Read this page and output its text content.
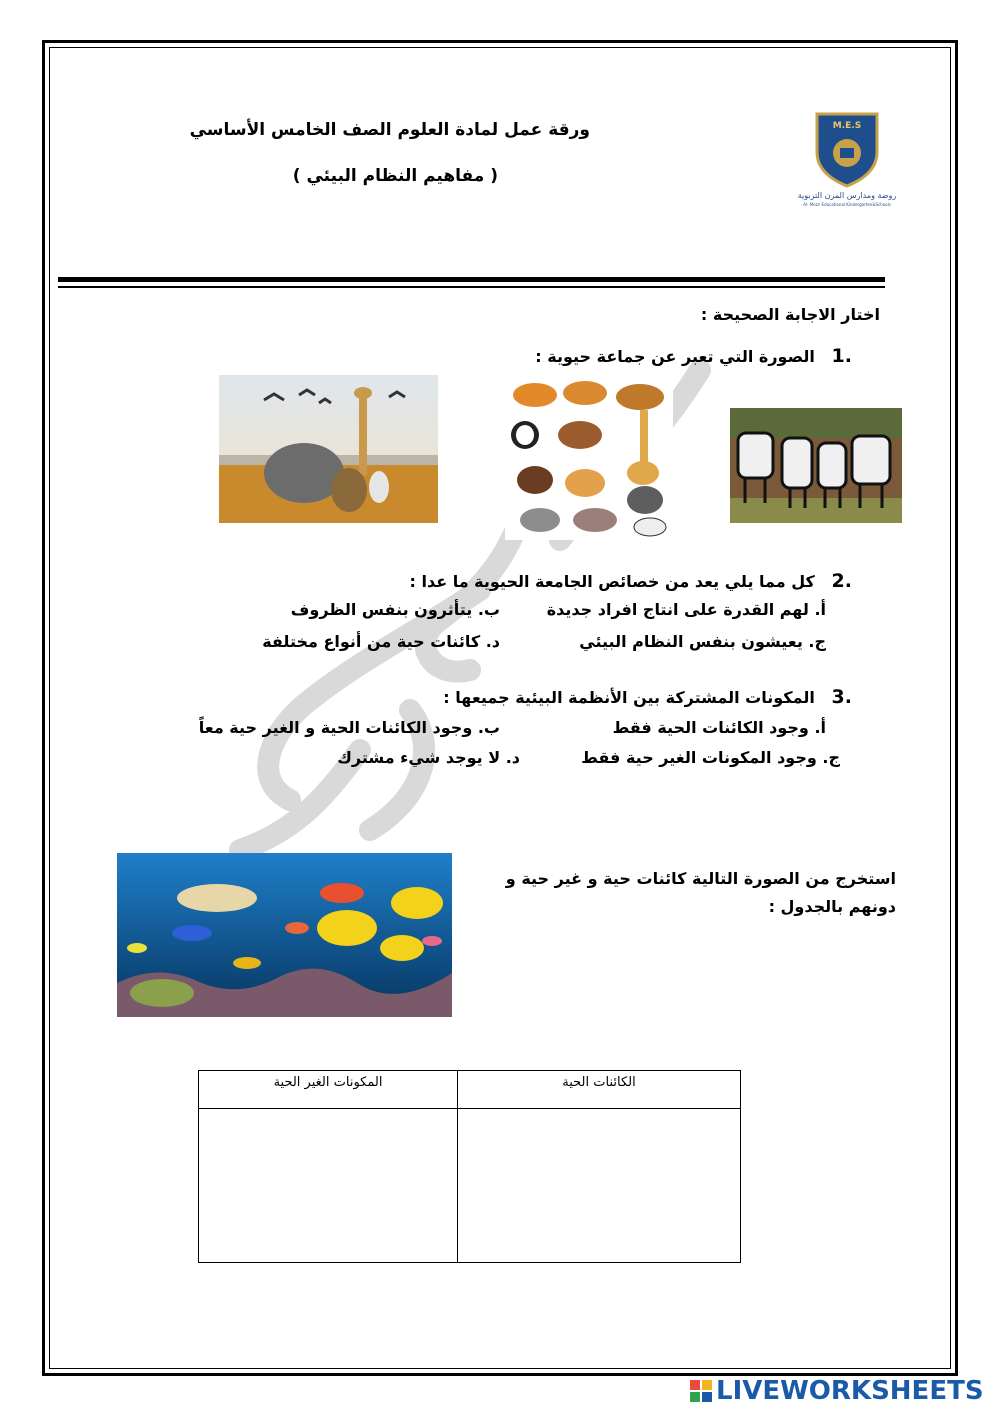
M.E.S
روضة ومدارس المزن التربوية
Al- Mozn Educational Kindergarten&Schools
ورقة عمل لمادة العلوم الصف الخامس الأساسي
( مفاهيم النظام البيئي )
اختار الاجابة الصحيحة :
.1   الصورة التي تعبر عن جماعة حيوية :
.2   كل مما يلي يعد من خصائص الجامعة الحيوية ما عدا :
أ. لهم القدرة على انتاج افراد جديدة
ب. يتأثرون بنفس الظروف
ج. يعيشون بنفس النظام البيئي
د. كائنات حية من أنواع مختلفة
.3   المكونات المشتركة بين الأنظمة البيئية جميعها :
أ. وجود الكائنات الحية فقط
ب. وجود الكائنات الحية و الغير حية معاً
ج. وجود المكونات الغير حية فقط
د. لا يوجد شيء مشترك
استخرج من الصورة التالية كائنات حية و غير حية و دونهم بالجدول :
الكائنات الحية
المكونات الغير الحية
LIVEWORKSHEETS
